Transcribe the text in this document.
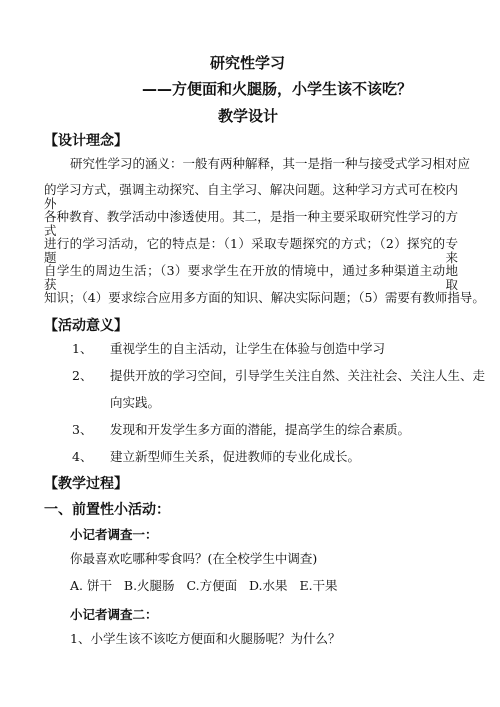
研究性学习
——方便面和火腿肠，小学生该不该吃？
教学设计
【设计理念】
研究性学习的涵义：一般有两种解释，其一是指一种与接受式学习相对应
的学习方式，强调主动探究、自主学习、解决问题。这种学习方式可在校内外
各种教育、教学活动中渗透使用。其二，是指一种主要采取研究性学习的方式
进行的学习活动，它的特点是：（1）采取专题探究的方式；（2）探究的专题来
自学生的周边生活；（3）要求学生在开放的情境中，通过多种渠道主动地获取
知识；（4）要求综合应用多方面的知识、解决实际问题；（5）需要有教师指导。
【活动意义】
1、 重视学生的自主活动，让学生在体验与创造中学习
2、 提供开放的学习空间，引导学生关注自然、关注社会、关注人生、走
向实践。
3、 发现和开发学生多方面的潜能，提高学生的综合素质。
4、 建立新型师生关系，促进教师的专业化成长。
【教学过程】
一、前置性小活动：
小记者调查一：
你最喜欢吃哪种零食吗？(在全校学生中调查)
A. 饼干   B.火腿肠   C.方便面   D.水果   E.干果
小记者调查二：
1、小学生该不该吃方便面和火腿肠呢？为什么？
